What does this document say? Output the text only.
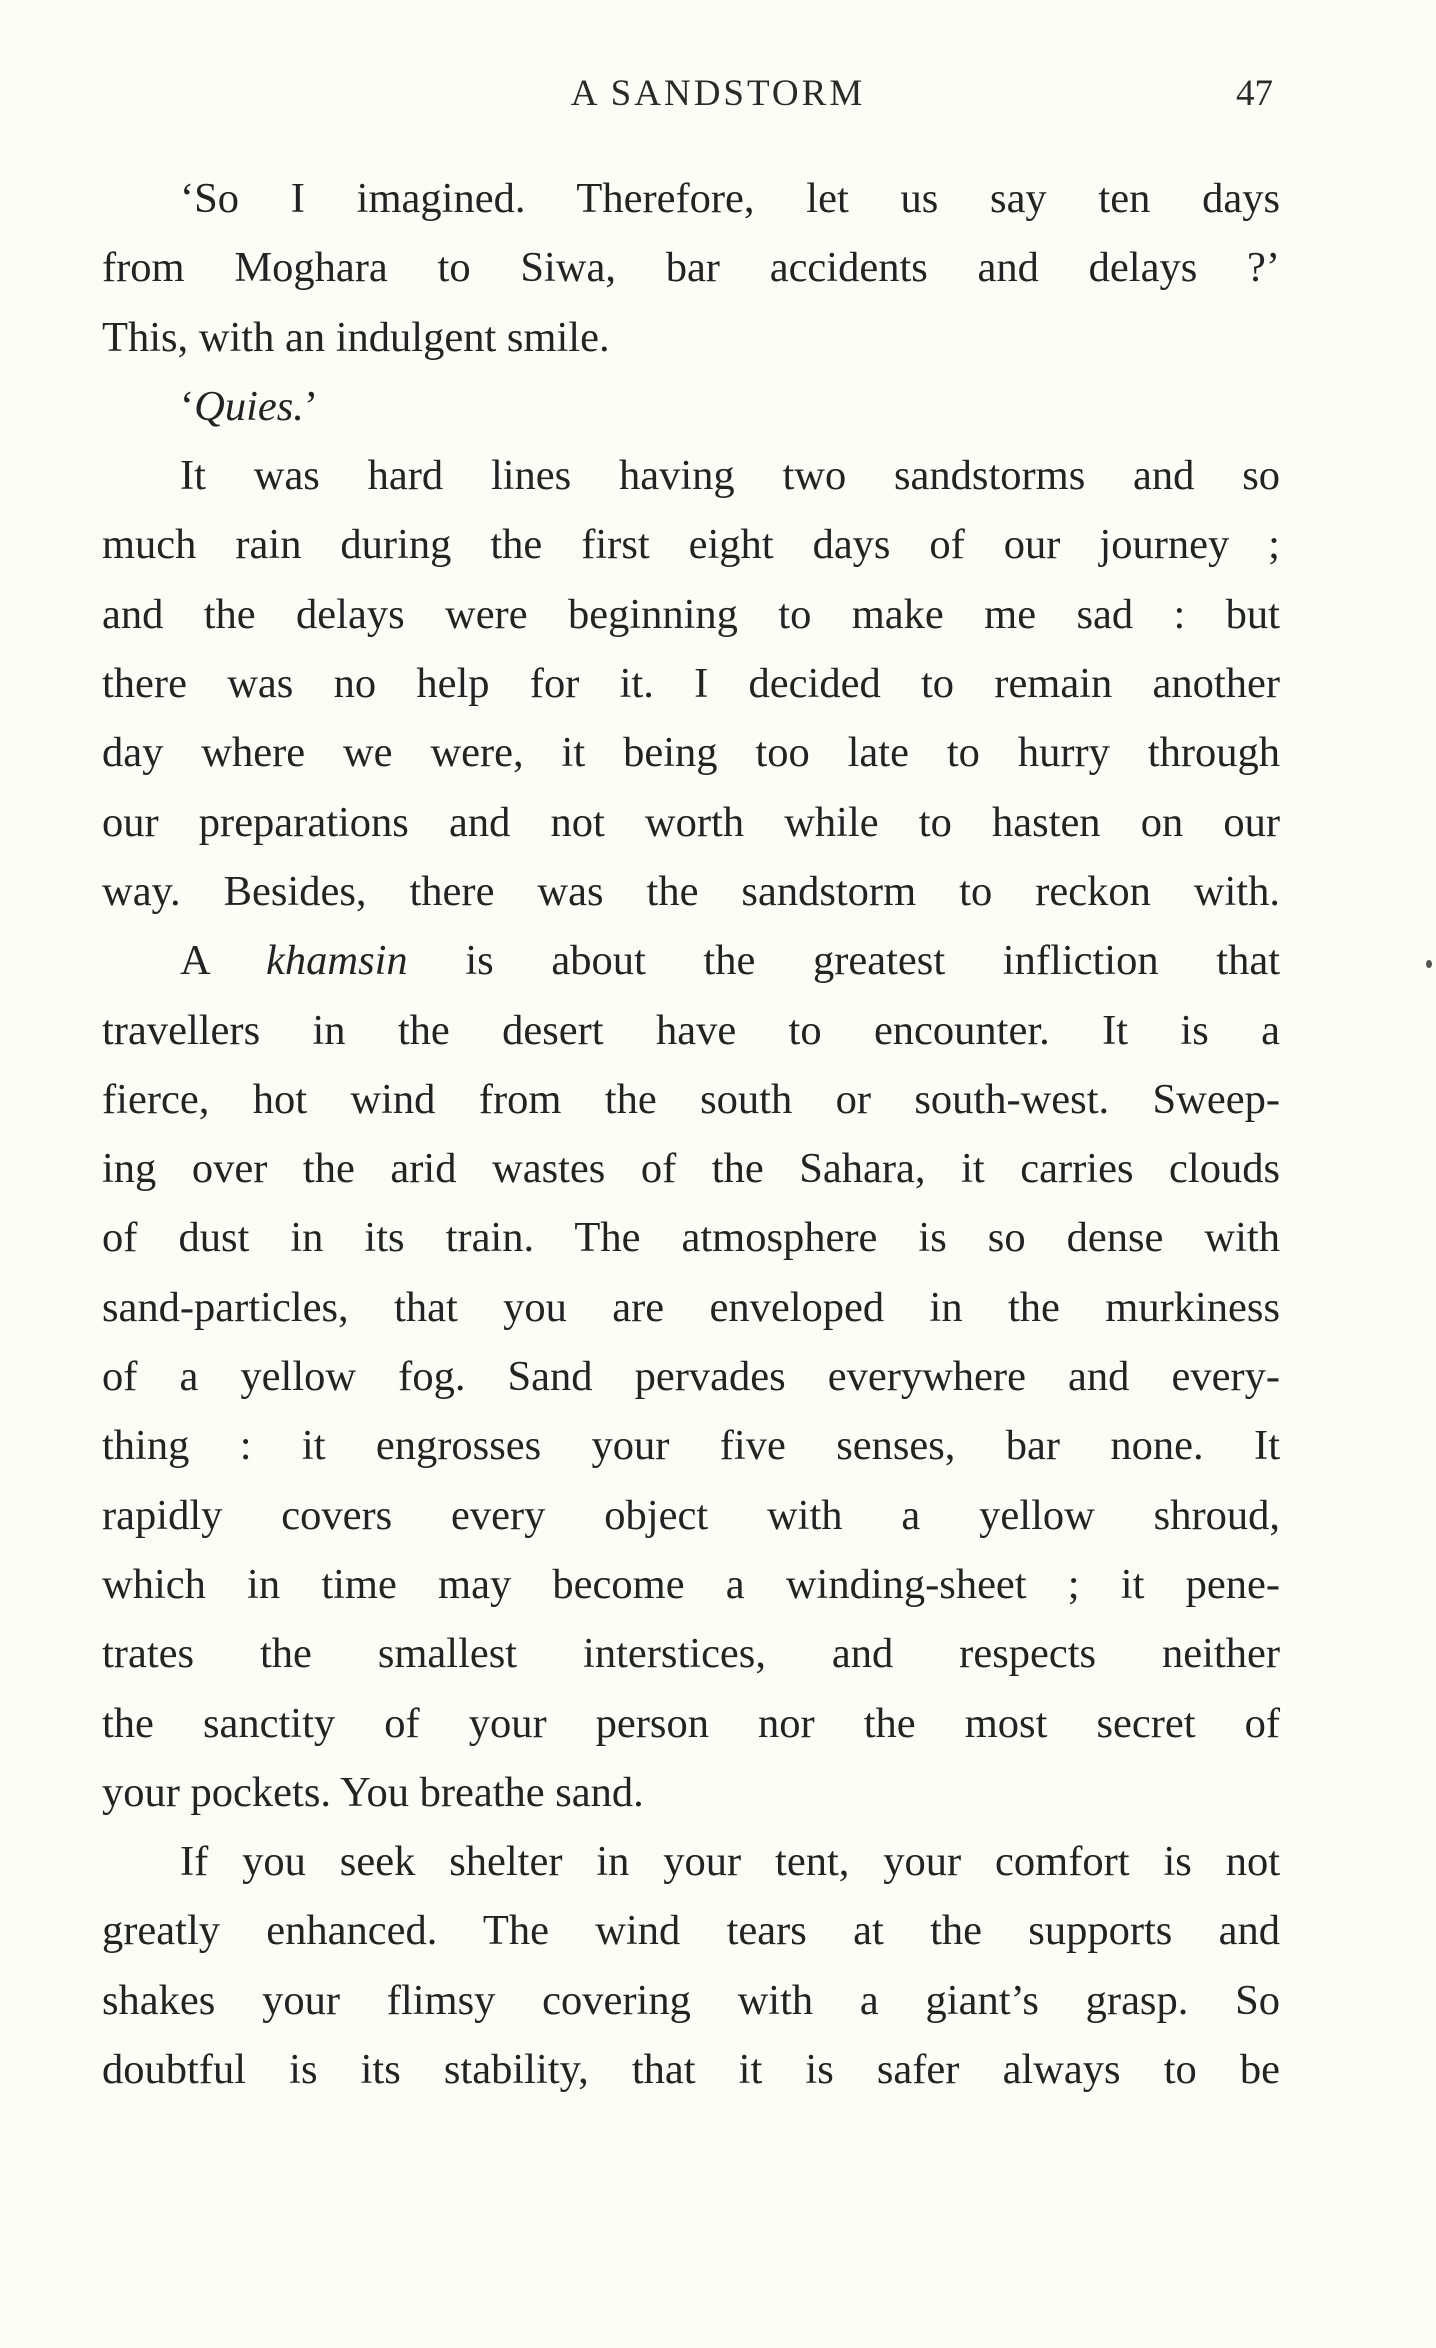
A SANDSTORM	47
‘So I imagined. Therefore, let us say ten days
from Moghara to Siwa, bar accidents and delays ?’
This, with an indulgent smile.
‘Quies.’
It was hard lines having two sandstorms and so
much rain during the first eight days of our journey ;
and the delays were beginning to make me sad : but
there was no help for it. I decided to remain another
day where we were, it being too late to hurry through
our preparations and not worth while to hasten on our
way. Besides, there was the sandstorm to reckon with.
A khamsin is about the greatest infliction that
travellers in the desert have to encounter. It is a
fierce, hot wind from the south or south-west. Sweep-
ing over the arid wastes of the Sahara, it carries clouds
of dust in its train. The atmosphere is so dense with
sand-particles, that you are enveloped in the murkiness
of a yellow fog. Sand pervades everywhere and every-
thing : it engrosses your five senses, bar none. It
rapidly covers every object with a yellow shroud,
which in time may become a winding-sheet ; it pene-
trates the smallest interstices, and respects neither
the sanctity of your person nor the most secret of
your pockets. You breathe sand.
If you seek shelter in your tent, your comfort is not
greatly enhanced. The wind tears at the supports and
shakes your flimsy covering with a giant’s grasp. So
doubtful is its stability, that it is safer always to be
